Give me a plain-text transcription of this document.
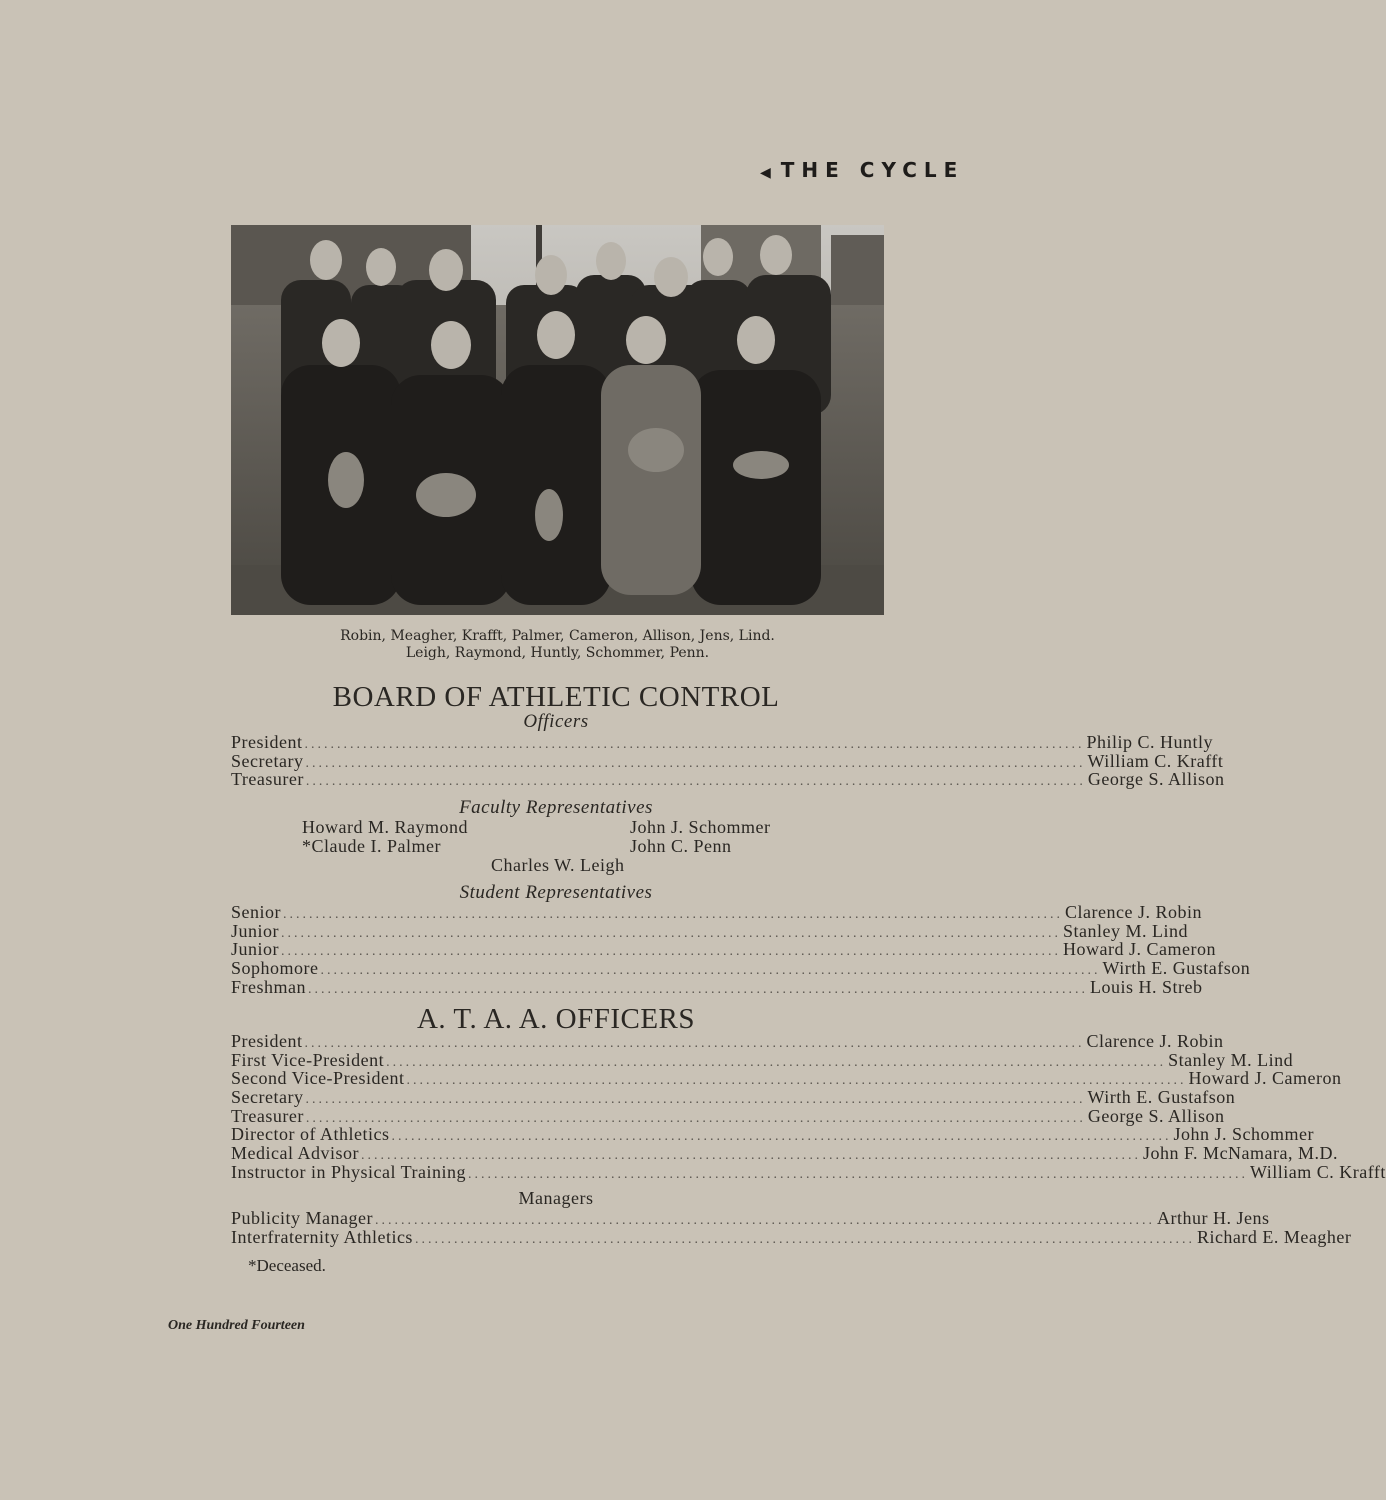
◀THE CYCLE
Robin, Meagher, Krafft, Palmer, Cameron, Allison, Jens, Lind.
Leigh, Raymond, Huntly, Schommer, Penn.
BOARD OF ATHLETIC CONTROL
Officers
President ........................................................................................................................ Philip C. Huntly
Secretary ........................................................................................................................ William C. Krafft
Treasurer ........................................................................................................................ George S. Allison
Faculty Representatives
Howard M. Raymond	John J. Schommer
*Claude I. Palmer	John C. Penn
Charles W. Leigh
Student Representatives
Senior ........................................................................................................................ Clarence J. Robin
Junior ........................................................................................................................ Stanley M. Lind
Junior ........................................................................................................................ Howard J. Cameron
Sophomore ........................................................................................................................ Wirth E. Gustafson
Freshman ........................................................................................................................ Louis H. Streb
A. T. A. A. OFFICERS
President ........................................................................................................................ Clarence J. Robin
First Vice-President ........................................................................................................................ Stanley M. Lind
Second Vice-President ........................................................................................................................ Howard J. Cameron
Secretary ........................................................................................................................ Wirth E. Gustafson
Treasurer ........................................................................................................................ George S. Allison
Director of Athletics ........................................................................................................................ John J. Schommer
Medical Advisor ........................................................................................................................ John F. McNamara, M.D.
Instructor in Physical Training ........................................................................................................................ William C. Krafft
Managers
Publicity Manager ........................................................................................................................ Arthur H. Jens
Interfraternity Athletics ........................................................................................................................ Richard E. Meagher
*Deceased.
One Hundred Fourteen
